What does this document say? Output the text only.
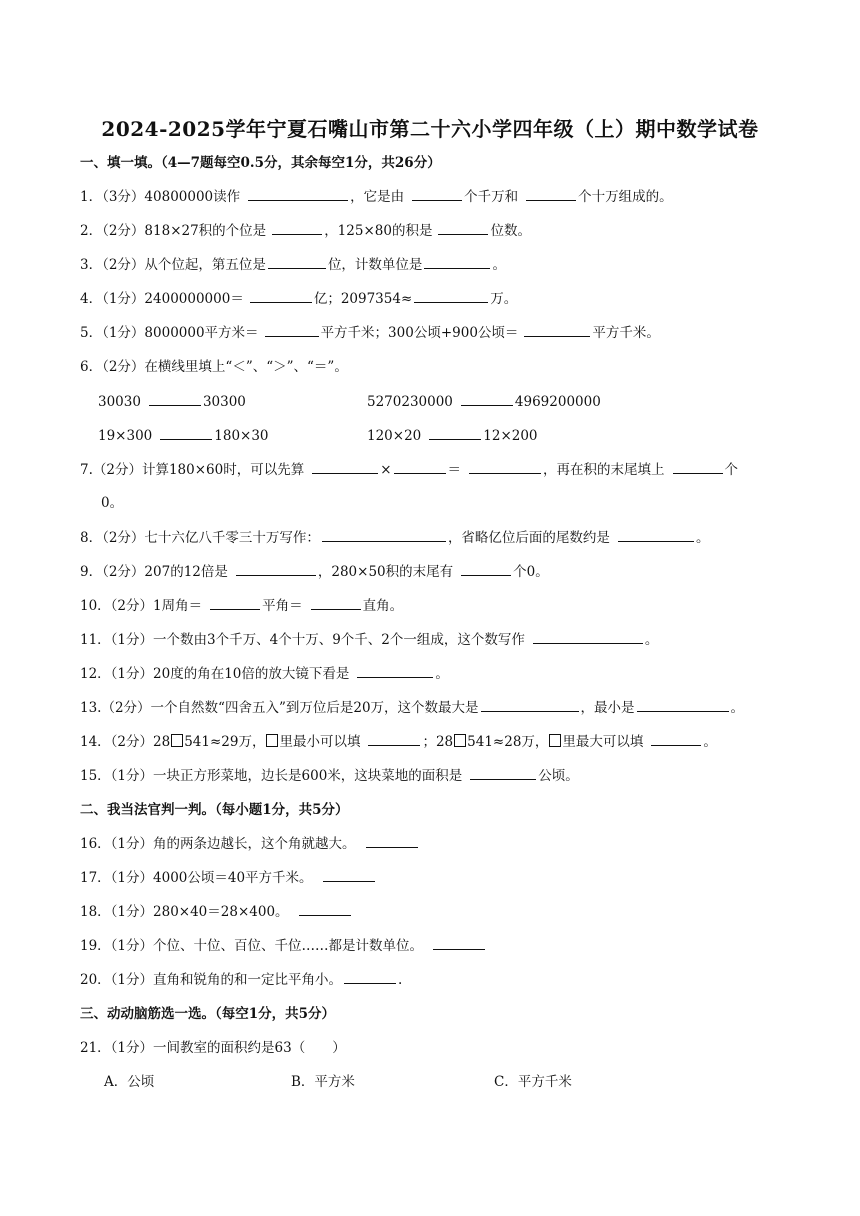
2024-2025学年宁夏石嘴山市第二十六小学四年级（上）期中数学试卷
一、填一填。（4—7题每空0.5分，其余每空1分，共26分）
1．（3分）40800000读作	，它是由	个千万和	个十万组成的。
2．（2分）818×27积的个位是	，125×80的积是	位数。
3．（2分）从个位起，第五位是	位，计数单位是	。
4．（1分）2400000000＝	亿；2097354≈	万。
5．（1分）8000000平方米＝	平方千米；300公顷+900公顷＝	平方千米。
6．（2分）在横线里填上“＜”、“＞”、“＝”。
30030	30300	5270230000	4969200000
19×300	180×30	120×20	12×200
7.（2分）计算180×60时，可以先算	×	＝	，再在积的末尾填上	个
0。
8．（2分）七十六亿八千零三十万写作：	，省略亿位后面的尾数约是	。
9．（2分）207的12倍是	，280×50积的末尾有	个0。
10．（2分）1周角＝	平角＝	直角。
11．（1分）一个数由3个千万、4个十万、9个千、2个一组成，这个数写作	。
12．（1分）20度的角在10倍的放大镜下看是	。
13.（2分）一个自然数“四舍五入”到万位后是20万，这个数最大是	，最小是	。
14．（2分）28 541≈29万， 里最小可以填	；28 541≈28万， 里最大可以填	。
15．（1分）一块正方形菜地，边长是600米，这块菜地的面积是	公顷。
二、我当法官判一判。（每小题1分，共5分）
16．（1分）角的两条边越长，这个角就越大。
17．（1分）4000公顷＝40平方千米。
18．（1分）280×40＝28×400。
19．（1分）个位、十位、百位、千位……都是计数单位。
20．（1分）直角和锐角的和一定比平角小。	.
三、动动脑筋选一选。（每空1分，共5分）
21．（1分）一间教室的面积约是63（　　）
A．公顷	B．平方米	C．平方千米
